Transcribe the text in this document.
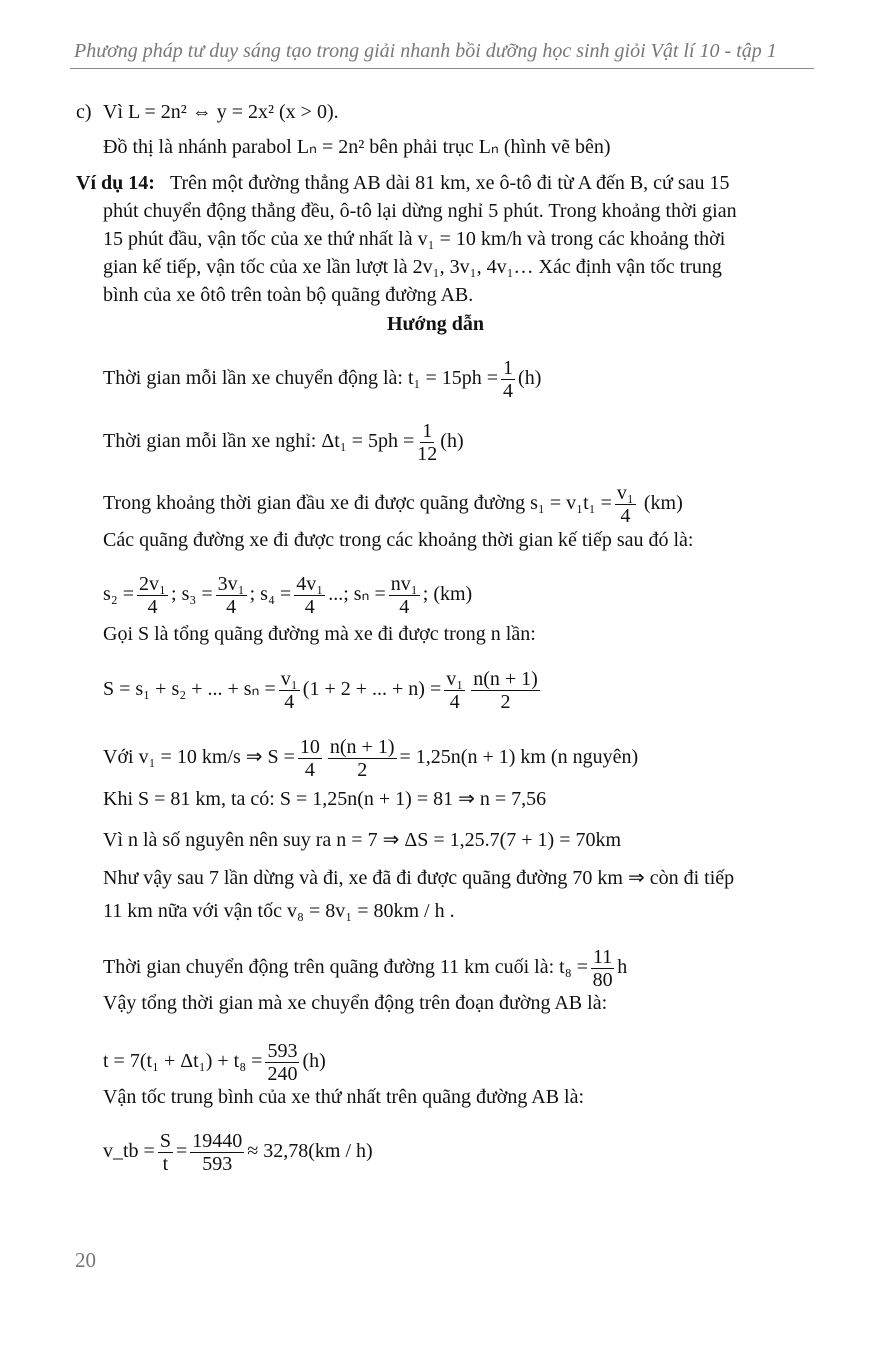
Phương pháp tư duy sáng tạo trong giải nhanh bồi dưỡng học sinh giỏi Vật lí 10 - tập 1
c) Vì L = 2n² ⇔ y = 2x² (x > 0).
Đồ thị là nhánh parabol Lₙ = 2n² bên phải trục Lₙ (hình vẽ bên)
Ví dụ 14: Trên một đường thẳng AB dài 81 km, xe ô-tô đi từ A đến B, cứ sau 15
phút chuyển động thẳng đều, ô-tô lại dừng nghỉ 5 phút. Trong khoảng thời gian
15 phút đầu, vận tốc của xe thứ nhất là v₁ = 10 km/h và trong các khoảng thời
gian kế tiếp, vận tốc của xe lần lượt là 2v₁, 3v₁, 4v₁… Xác định vận tốc trung
bình của xe ôtô trên toàn bộ quãng đường AB.
Hướng dẫn
Thời gian mỗi lần xe chuyển động là: $t_1 = 15ph = \frac{1}{4} (h)$
Thời gian mỗi lần xe nghỉ: $\Delta t_1 = 5ph = \frac{1}{12} (h)$
Trong khoảng thời gian đầu xe đi được quãng đường $s_1 = v_1t_1 = \frac{\text{v₁}}{4} (km)$
Các quãng đường xe đi được trong các khoảng thời gian kế tiếp sau đó là:
$s_2 = \frac{\text{2v₁}}{4}$ ; $s_3 = \frac{\text{3v₁}}{4}$ ; $s_4 = \frac{\text{4v₁}}{4}$ ...; $s_n = \frac{\text{nv₁}}{4}$ ; (km)
Gọi S là tổng quãng đường mà xe đi được trong n lần:
S = s₁ + s₂ + ... + $s_n = \frac{\text{v₁}}{4} (1 + 2$ + ... + $n) = \frac{\text{v₁}}{4} \frac{n(n + 1)}{2}$
Với v₁ = 10 km/s ⇒ $S = \frac{10}{4} \frac{n(n + 1)}{2} = 1,25n(n + 1)$ km (n nguyên)
Khi S = 81 km, ta có: S = 1,25n(n + 1) = 81 ⇒ n = 7,56
Vì n là số nguyên nên suy ra n = 7 ⇒ ΔS = 1,25.7(7 + 1) = 70km
Như vậy sau 7 lần dừng và đi, xe đã đi được quãng đường 70 km ⇒ còn đi tiếp
11 km nữa với vận tốc v₈ = 8v₁ = 80km / h .
Thời gian chuyển động trên quãng đường 11 km cuối là: $t_8 = \frac{11}{80}$ h
Vậy tổng thời gian mà xe chuyển động trên đoạn đường AB là:
$t = 7(t_1 + \Delta t_1) + t_8 = \frac{593}{240} (h)$
Vận tốc trung bình của xe thứ nhất trên quãng đường AB là:
v_tb = $\frac{S}{t} = \frac{19440}{593} \approx 32,78(km / h)$
20
